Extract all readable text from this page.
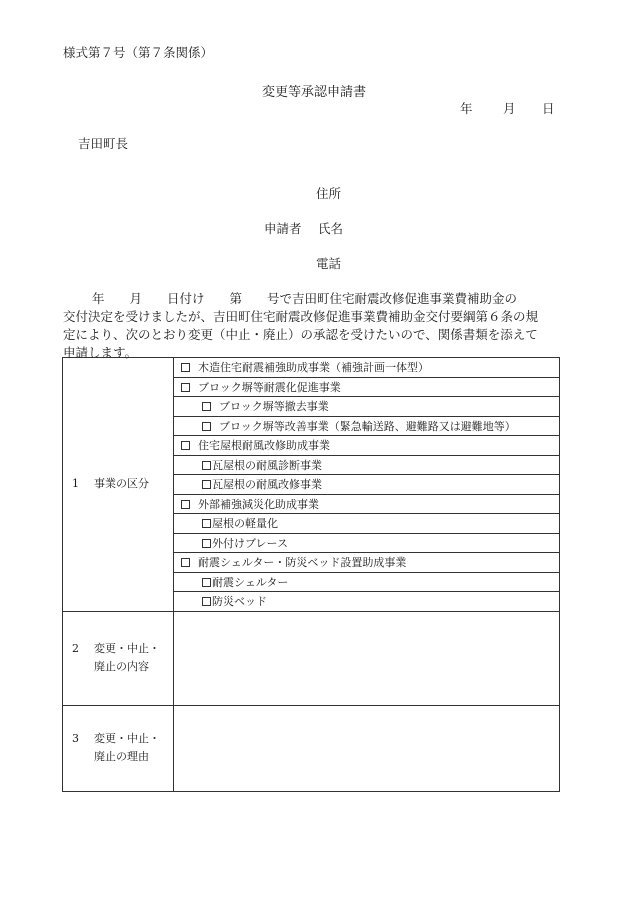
様式第７号（第７条関係）
変更等承認申請書
年 月 日
吉田町長
住所
申請者 氏名
電話
　　 年　　月　　日付け　　第　　号で吉田町住宅耐震改修促進事業費補助金の
交付決定を受けましたが、吉田町住宅耐震改修促進事業費補助金交付要綱第６条の規
定により、次のとおり変更（中止・廃止）の承認を受けたいので、関係書類を添えて
申請します。
1 事業の区分	木造住宅耐震補強助成事業（補強計画一体型）
	ブロック塀等耐震化促進事業
	ブロック塀等撤去事業
	ブロック塀等改善事業（緊急輸送路、避難路又は避難地等）
	住宅屋根耐風改修助成事業
	瓦屋根の耐風診断事業
	瓦屋根の耐風改修事業
	外部補強減災化助成事業
	屋根の軽量化
	外付けブレース
	耐震シェルター・防災ベッド設置助成事業
	耐震シェルター
	防災ベッド

2 変更・中止・
廃止の内容	

3 変更・中止・
廃止の理由	
